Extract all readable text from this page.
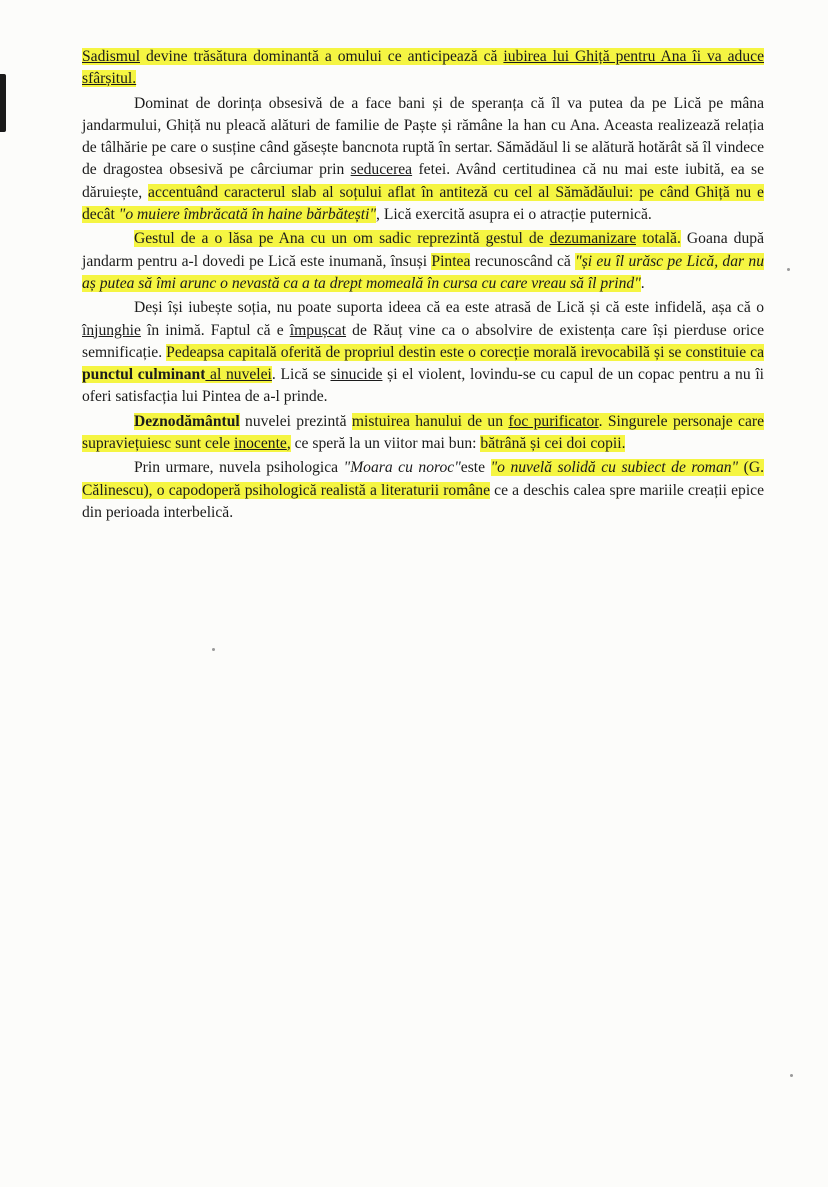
Sadismul devine trăsătura dominantă a omului ce anticipează că iubirea lui Ghiță pentru Ana îi va aduce sfârșitul.

Dominat de dorința obsesivă de a face bani și de speranța că îl va putea da pe Lică pe mâna jandarmului, Ghiță nu pleacă alături de familie de Paște și rămâne la han cu Ana. Aceasta realizează relația de tâlhărie pe care o susține când găsește bancnota ruptă în sertar. Sămădăul li se alătură hotărât să îl vindece de dragostea obsesivă pe cârciumar prin seducerea fetei. Având certitudinea că nu mai este iubită, ea se dăruiește, accentuând caracterul slab al soțului aflat în antiteză cu cel al Sămădăului: pe când Ghiță nu e decât "o muiere îmbrăcată în haine bărbătești", Lică exercită asupra ei o atracție puternică.

Gestul de a o lăsa pe Ana cu un om sadic reprezintă gestul de dezumanizare totală. Goana după jandarm pentru a-l dovedi pe Lică este inumană, însuși Pintea recunoscând că "și eu îl urăsc pe Lică, dar nu aș putea să îmi arunc o nevastă ca a ta drept momeală în cursa cu care vreau să îl prind".

Deși își iubește soția, nu poate suporta ideea că ea este atrasă de Lică și că este infidelă, așa că o înjunghie în inimă. Faptul că e împușcat de Răuț vine ca o absolvire de existența care își pierduse orice semnificație. Pedeapsa capitală oferită de propriul destin este o corecție morală irevocabilă și se constituie ca punctul culminant al nuvelei. Lică se sinucide și el violent, lovindu-se cu capul de un copac pentru a nu îi oferi satisfacția lui Pintea de a-l prinde.

Deznodământul nuvelei prezintă mistuirea hanului de un foc purificator. Singurele personaje care supraviețuiesc sunt cele inocente, ce speră la un viitor mai bun: bătrână și cei doi copii.

Prin urmare, nuvela psihologica "Moara cu noroc"este "o nuvelă solidă cu subiect de roman" (G. Călinescu), o capodoperă psihologică realistă a literaturii române ce a deschis calea spre mariile creații epice din perioada interbelică.
